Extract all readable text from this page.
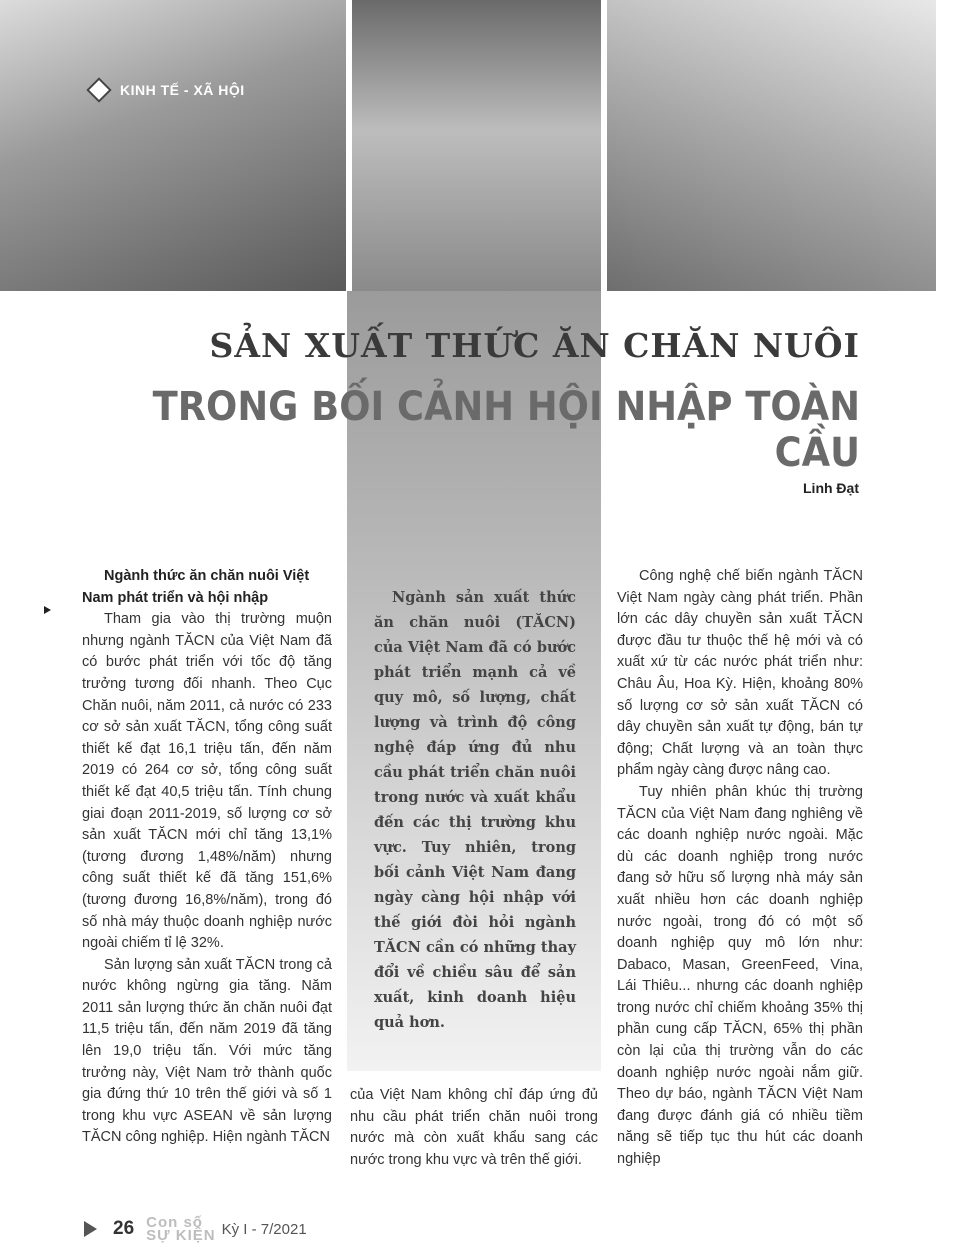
KINH TẾ - XÃ HỘI
SẢN XUẤT THỨC ĂN CHĂN NUÔI
TRONG BỐI CẢNH HỘI NHẬP TOÀN CẦU
Linh Đạt

Ngành thức ăn chăn nuôi Việt
Nam phát triển và hội nhập

Tham gia vào thị trường muộn nhưng ngành TĂCN của Việt Nam đã có bước phát triển với tốc độ tăng trưởng tương đối nhanh. Theo Cục Chăn nuôi, năm 2011, cả nước có 233 cơ sở sản xuất TĂCN, tổng công suất thiết kế đạt 16,1 triệu tấn, đến năm 2019 có 264 cơ sở, tổng công suất thiết kế đạt 40,5 triệu tấn. Tính chung giai đoạn 2011-2019, số lượng cơ sở sản xuất TĂCN mới chỉ tăng 13,1% (tương đương 1,48%/năm) nhưng công suất thiết kế đã tăng 151,6% (tương đương 16,8%/năm), trong đó số nhà máy thuộc doanh nghiệp nước ngoài chiếm tỉ lệ 32%.

Sản lượng sản xuất TĂCN trong cả nước không ngừng gia tăng. Năm 2011 sản lượng thức ăn chăn nuôi đạt 11,5 triệu tấn, đến năm 2019 đã tăng lên 19,0 triệu tấn. Với mức tăng trưởng này, Việt Nam trở thành quốc gia đứng thứ 10 trên thế giới và số 1 trong khu vực ASEAN về sản lượng TĂCN công nghiệp. Hiện ngành TĂCN

Ngành sản xuất thức ăn chăn nuôi (TĂCN) của Việt Nam đã có bước phát triển mạnh cả về quy mô, số lượng, chất lượng và trình độ công nghệ đáp ứng đủ nhu cầu phát triển chăn nuôi trong nước và xuất khẩu đến các thị trường khu vực. Tuy nhiên, trong bối cảnh Việt Nam đang ngày càng hội nhập với thế giới đòi hỏi ngành TĂCN cần có những thay đổi về chiều sâu để sản xuất, kinh doanh hiệu quả hơn.

của Việt Nam không chỉ đáp ứng đủ nhu cầu phát triển chăn nuôi trong nước mà còn xuất khẩu sang các nước trong khu vực và trên thế giới.

Công nghệ chế biến ngành TĂCN Việt Nam ngày càng phát triển. Phần lớn các dây chuyền sản xuất TĂCN được đầu tư thuộc thế hệ mới và có xuất xứ từ các nước phát triển như: Châu Âu, Hoa Kỳ. Hiện, khoảng 80% số lượng cơ sở sản xuất TĂCN có dây chuyền sản xuất tự động, bán tự động; Chất lượng và an toàn thực phẩm ngày càng được nâng cao.

Tuy nhiên phân khúc thị trường TĂCN của Việt Nam đang nghiêng về các doanh nghiệp nước ngoài. Mặc dù các doanh nghiệp trong nước đang sở hữu số lượng nhà máy sản xuất nhiều hơn các doanh nghiệp nước ngoài, trong đó có một số doanh nghiệp quy mô lớn như: Dabaco, Masan, GreenFeed, Vina, Lái Thiêu... nhưng các doanh nghiệp trong nước chỉ chiếm khoảng 35% thị phần cung cấp TĂCN, 65% thị phần còn lại của thị trường vẫn do các doanh nghiệp nước ngoài nắm giữ. Theo dự báo, ngành TĂCN Việt Nam đang được đánh giá có nhiều tiềm năng sẽ tiếp tục thu hút các doanh nghiệp

26 Con số
SỰ KIỆN Kỳ I - 7/2021
